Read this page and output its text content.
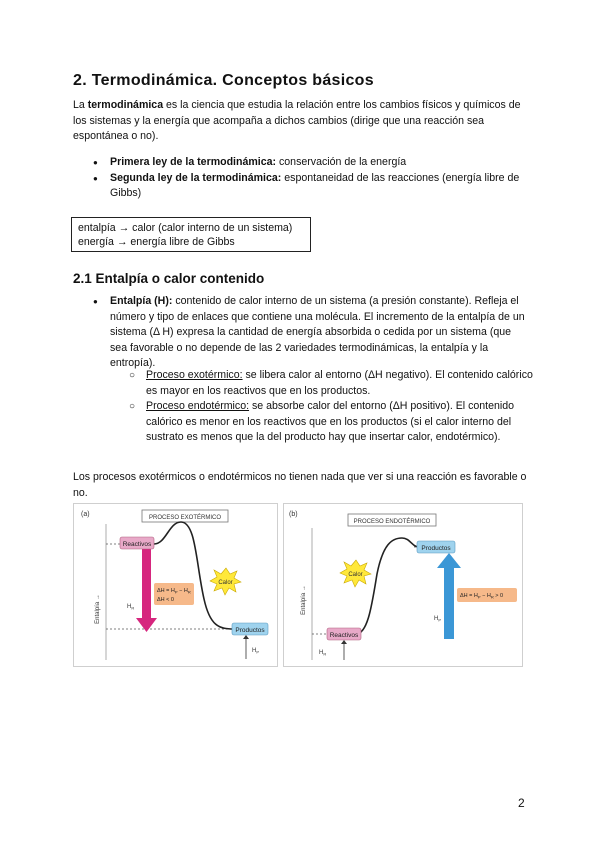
2. Termodinámica. Conceptos básicos

La termodinámica es la ciencia que estudia la relación entre los cambios físicos y químicos de los sistemas y la energía que acompaña a dichos cambios (dirige que una reacción sea espontánea o no).

● Primera ley de la termodinámica: conservación de la energía
● Segunda ley de la termodinámica: espontaneidad de las reacciones (energía libre de Gibbs)
entalpía → calor (calor interno de un sistema)
energía → energía libre de Gibbs
2.1 Entalpía o calor contenido
● Entalpía (H): contenido de calor interno de un sistema (a presión constante). Refleja el número y tipo de enlaces que contiene una molécula. El incremento de la entalpía de un sistema (Δ H) expresa la cantidad de energía absorbida o cedida por un sistema (que sea favorable o no depende de las 2 variedades termodinámicas, la entalpía y la entropía).
○ Proceso exotérmico: se libera calor al entorno (ΔH negativo). El contenido calórico es mayor en los reactivos que en los productos.
○ Proceso endotérmico: se absorbe calor del entorno (ΔH positivo). El contenido calórico es menor en los reactivos que en los productos (si el calor interno del sustrato es menos que la del producto hay que insertar calor, endotérmico).

Los procesos exotérmicos o endotérmicos no tienen nada que ver si una reacción es favorable o no.

(a)	PROCESO EXOTÉRMICO
Entalpía →
Reactivos
Productos
$\Delta H = H_P - H_R$
ΔH < 0
Calor
$H_R$
$H_P$
(b)
PROCESO ENDOTÉRMICO
Entalpía →
Reactivos
Productos
$\Delta H = H_P - H_R > 0$
Calor
$H_P$
$H_R$
2
